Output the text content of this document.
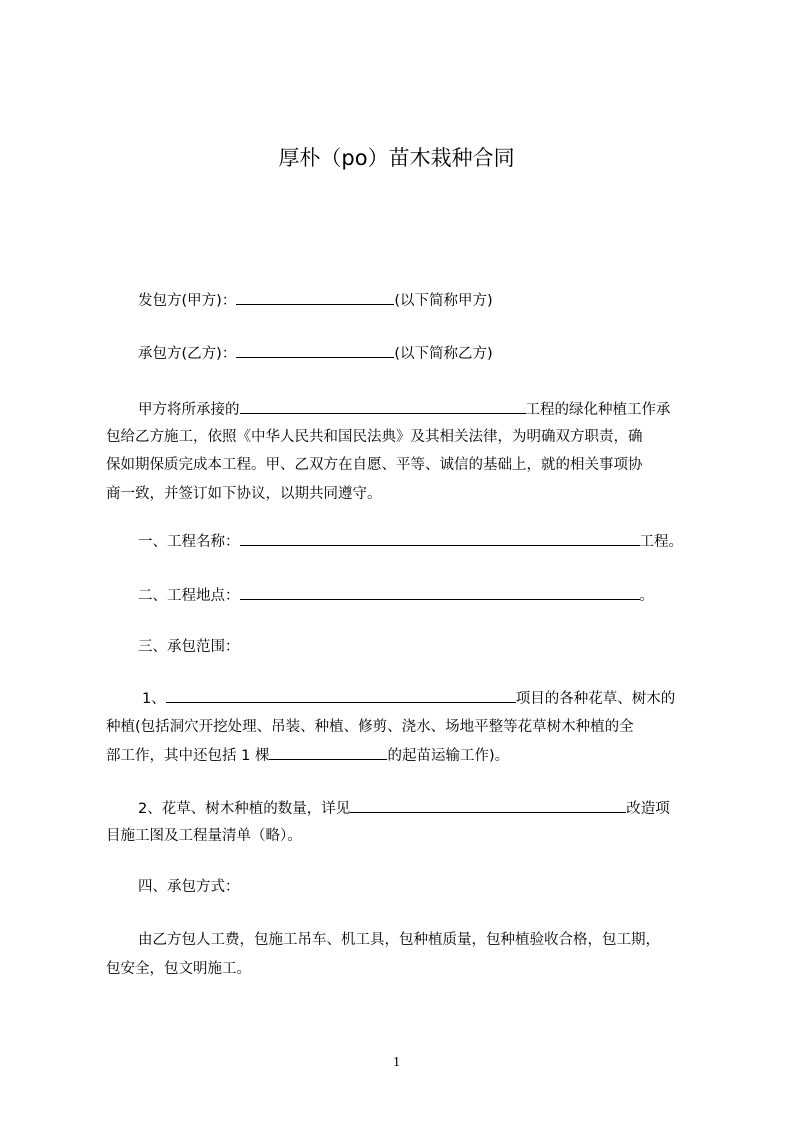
厚朴（po）苗木栽种合同
发包方(甲方)：	(以下简称甲方)
承包方(乙方)：	(以下简称乙方)
甲方将所承接的	工程的绿化种植工作承
包给乙方施工，依照《中华人民共和国民法典》及其相关法律，为明确双方职责，确
保如期保质完成本工程。甲、乙双方在自愿、平等、诚信的基础上，就的相关事项协
商一致，并签订如下协议，以期共同遵守。
一、工程名称：	工程。
二、工程地点：	。
三、承包范围：
1、	项目的各种花草、树木的
种植(包括洞穴开挖处理、吊装、种植、修剪、浇水、场地平整等花草树木种植的全
部工作，其中还包括 1 棵	的起苗运输工作)。
2、花草、树木种植的数量，详见	改造项
目施工图及工程量清单（略）。
四、承包方式：
由乙方包人工费，包施工吊车、机工具，包种植质量，包种植验收合格，包工期，
包安全，包文明施工。
1
